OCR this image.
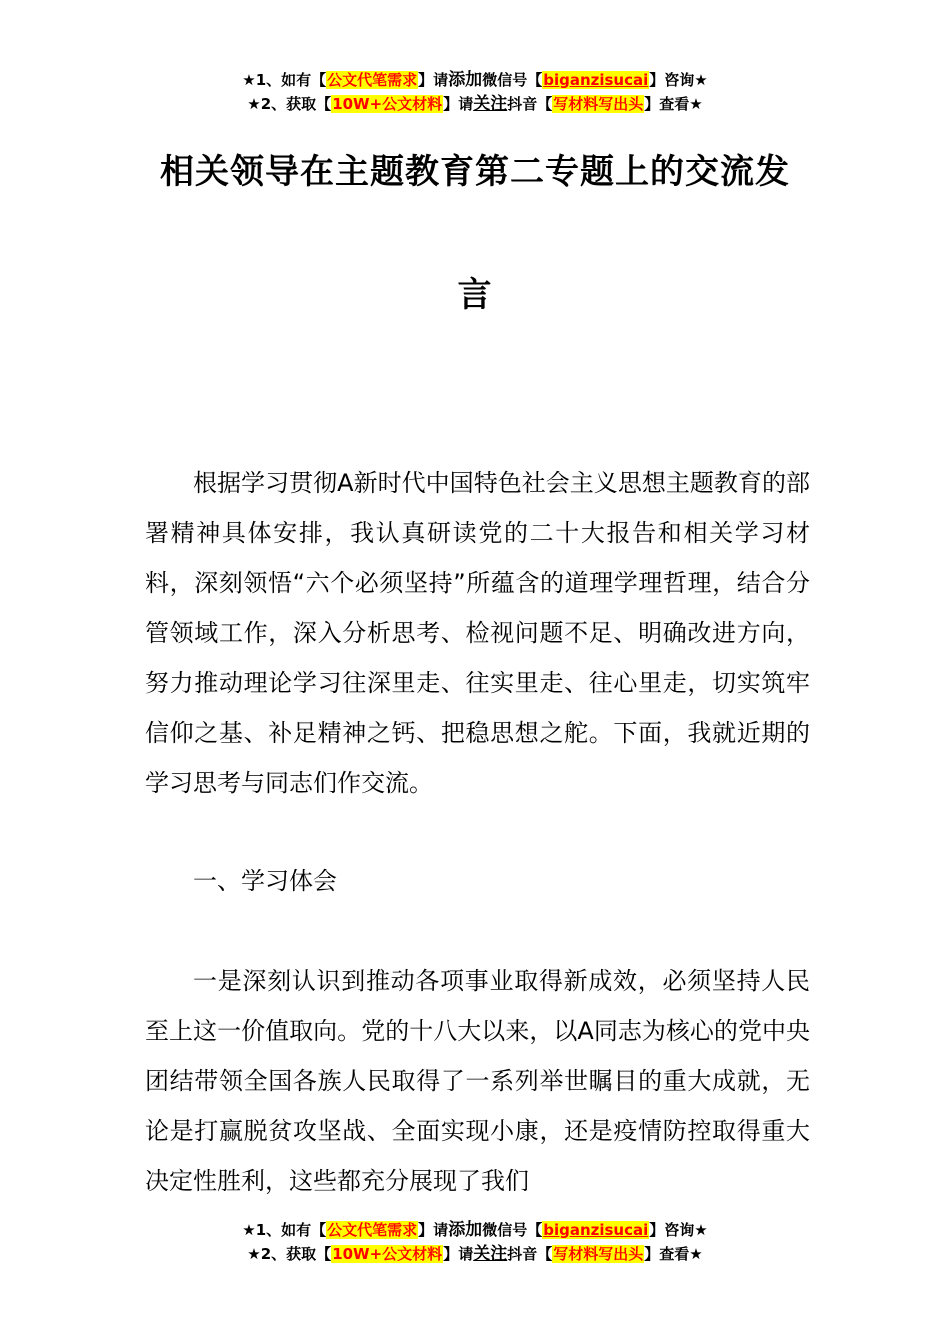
★1、如有【公文代笔需求】请添加微信号【biganzisucai】咨询★
★2、获取【10W+公文材料】请关注抖音【写材料写出头】查看★
相关领导在主题教育第二专题上的交流发
言

根据学习贯彻A新时代中国特色社会主义思想主题教育的部署精神具体安排，我认真研读党的二十大报告和相关学习材料，深刻领悟“六个必须坚持”所蕴含的道理学理哲理，结合分管领域工作，深入分析思考、检视问题不足、明确改进方向，努力推动理论学习往深里走、往实里走、往心里走，切实筑牢信仰之基、补足精神之钙、把稳思想之舵。下面，我就近期的学习思考与同志们作交流。

一、学习体会

一是深刻认识到推动各项事业取得新成效，必须坚持人民至上这一价值取向。党的十八大以来，以A同志为核心的党中央团结带领全国各族人民取得了一系列举世瞩目的重大成就，无论是打赢脱贫攻坚战、全面实现小康，还是疫情防控取得重大决定性胜利，这些都充分展现了我们

★1、如有【公文代笔需求】请添加微信号【biganzisucai】咨询★
★2、获取【10W+公文材料】请关注抖音【写材料写出头】查看★
